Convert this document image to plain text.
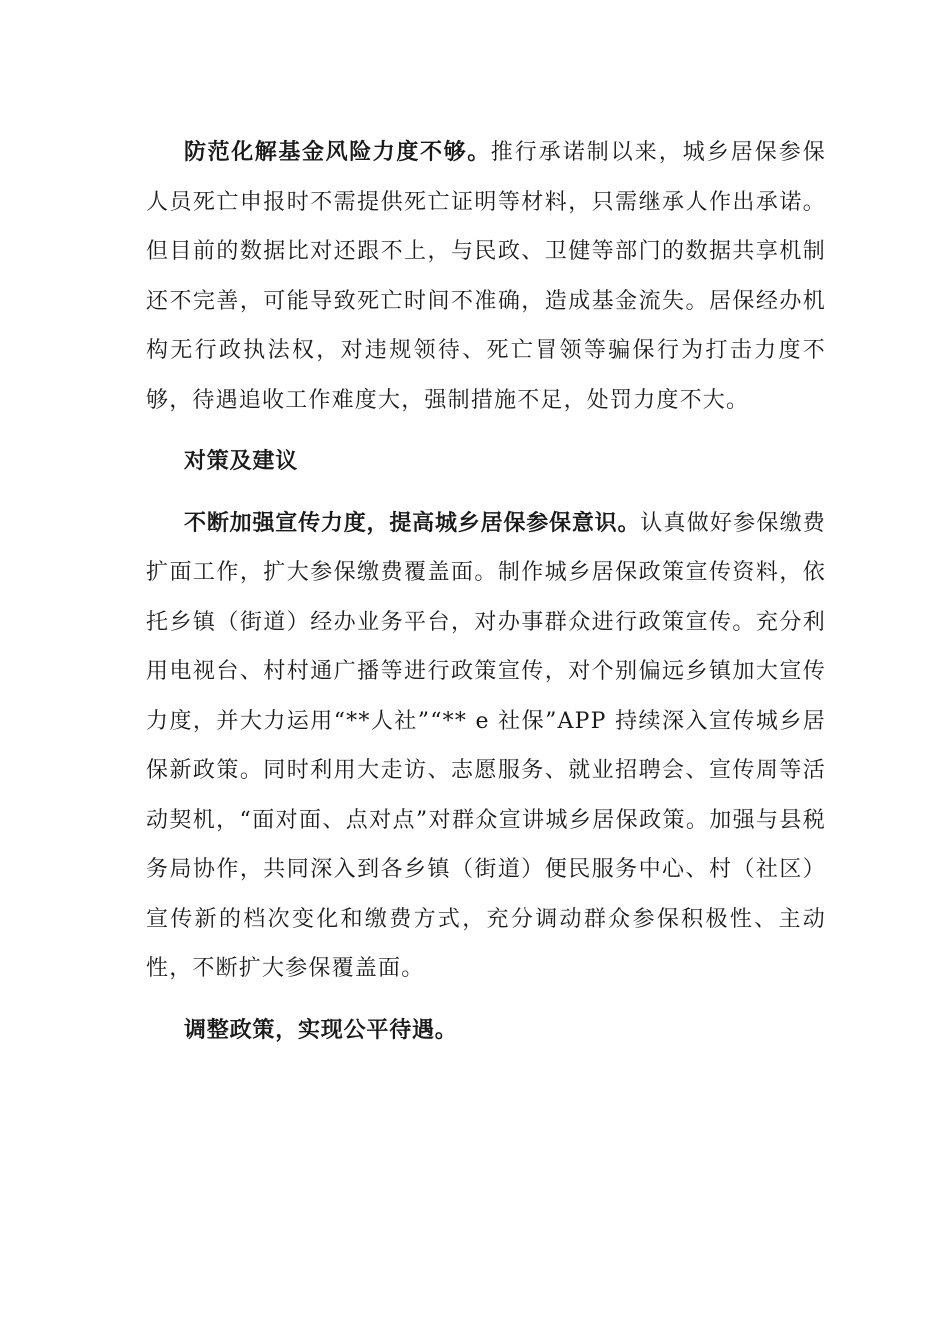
防范化解基金风险力度不够。推行承诺制以来，城乡居保参保人员死亡申报时不需提供死亡证明等材料，只需继承人作出承诺。但目前的数据比对还跟不上，与民政、卫健等部门的数据共享机制还不完善，可能导致死亡时间不准确，造成基金流失。居保经办机构无行政执法权，对违规领待、死亡冒领等骗保行为打击力度不够，待遇追收工作难度大，强制措施不足，处罚力度不大。

对策及建议

不断加强宣传力度，提高城乡居保参保意识。认真做好参保缴费扩面工作，扩大参保缴费覆盖面。制作城乡居保政策宣传资料，依托乡镇（街道）经办业务平台，对办事群众进行政策宣传。充分利用电视台、村村通广播等进行政策宣传，对个别偏远乡镇加大宣传力度，并大力运用“**人社”“** e 社保”APP 持续深入宣传城乡居保新政策。同时利用大走访、志愿服务、就业招聘会、宣传周等活动契机，“面对面、点对点”对群众宣讲城乡居保政策。加强与县税务局协作，共同深入到各乡镇（街道）便民服务中心、村（社区）宣传新的档次变化和缴费方式，充分调动群众参保积极性、主动性，不断扩大参保覆盖面。

调整政策，实现公平待遇。
